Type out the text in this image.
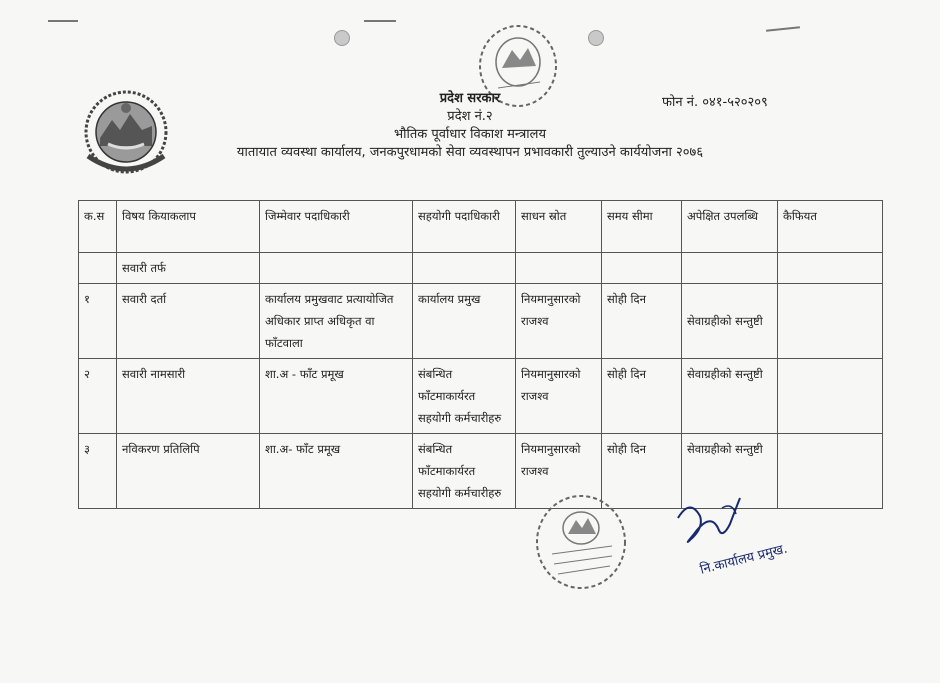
प्रदेश सरकार
प्रदेश नं.२
भौतिक पूर्वाधार विकाश मन्त्रालय
यातायात व्यवस्था कार्यालय, जनकपुरधामको सेवा व्यवस्थापन प्रभावकारी तुल्याउने कार्ययोजना २०७६
फोन नं. ०४१-५२०२०९
क.स	विषय कियाकलाप	जिम्मेवार पदाधिकारी	सहयोगी पदाधिकारी	साधन स्रोत	समय सीमा	अपेक्षित उपलब्धि	कैफियत
	सवारी तर्फ						
१	सवारी दर्ता	कार्यालय प्रमुखवाट प्रत्यायोजित अधिकार प्राप्त अधिकृत वा फाँटवाला	कार्यालय प्रमुख	नियमानुसारको राजश्व	सोही दिन	सेवाग्रहीको सन्तुष्टी	
२	सवारी नामसारी	शा.अ - फाँट प्रमूख	संबन्धित फाँटमाकार्यरत सहयोगी कर्मचारीहरु	नियमानुसारको राजश्व	सोही दिन	सेवाग्रहीको सन्तुष्टी	
३	नविकरण प्रतिलिपि	शा.अ- फाँट प्रमूख	संबन्धित फाँटमाकार्यरत सहयोगी कर्मचारीहरु	नियमानुसारको राजश्व	सोही दिन	सेवाग्रहीको सन्तुष्टी	
नि.कार्यालय प्रमुख.
